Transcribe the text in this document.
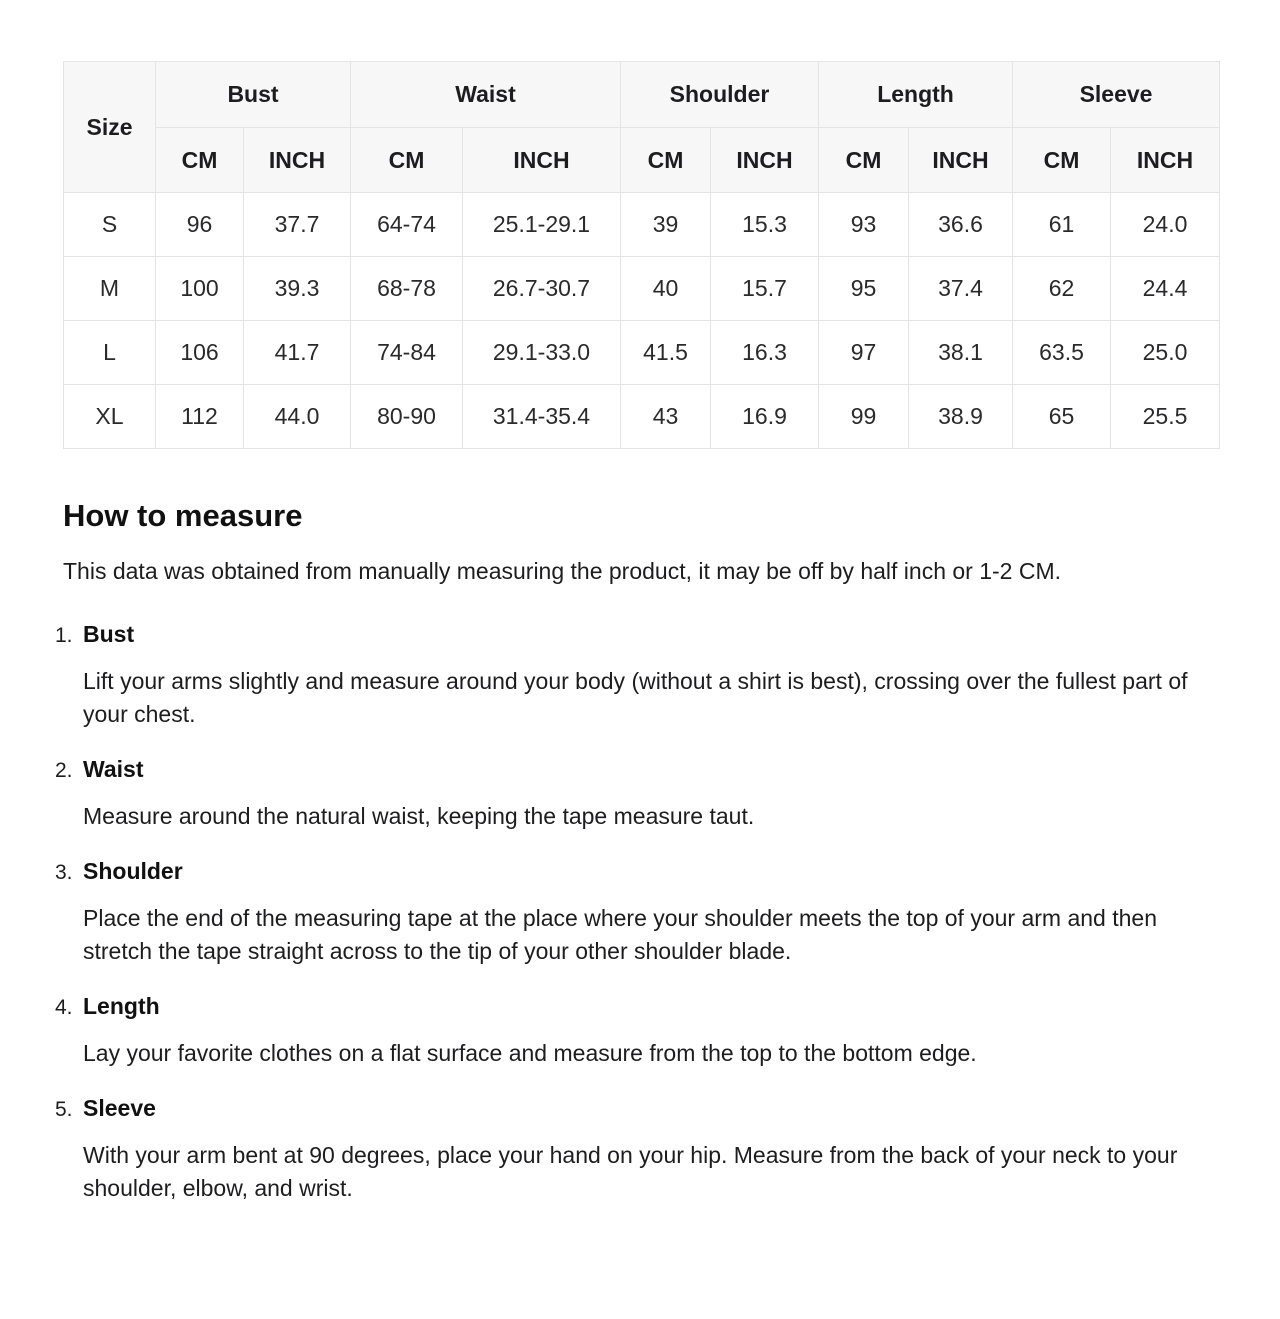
Size	Bust		Waist		Shoulder		Length		Sleeve	
	CM	INCH	CM	INCH	CM	INCH	CM	INCH	CM	INCH
S	96	37.7	64-74	25.1-29.1	39	15.3	93	36.6	61	24.0
M	100	39.3	68-78	26.7-30.7	40	15.7	95	37.4	62	24.4
L	106	41.7	74-84	29.1-33.0	41.5	16.3	97	38.1	63.5	25.0
XL	112	44.0	80-90	31.4-35.4	43	16.9	99	38.9	65	25.5
How to measure

This data was obtained from manually measuring the product, it may be off by half inch or 1-2 CM.

1. Bust

Lift your arms slightly and measure around your body (without a shirt is best), crossing over the fullest part of your chest.

2. Waist

Measure around the natural waist, keeping the tape measure taut.

3. Shoulder

Place the end of the measuring tape at the place where your shoulder meets the top of your arm and then stretch the tape straight across to the tip of your other shoulder blade.

4. Length

Lay your favorite clothes on a flat surface and measure from the top to the bottom edge.

5. Sleeve

With your arm bent at 90 degrees, place your hand on your hip. Measure from the back of your neck to your shoulder, elbow, and wrist.
